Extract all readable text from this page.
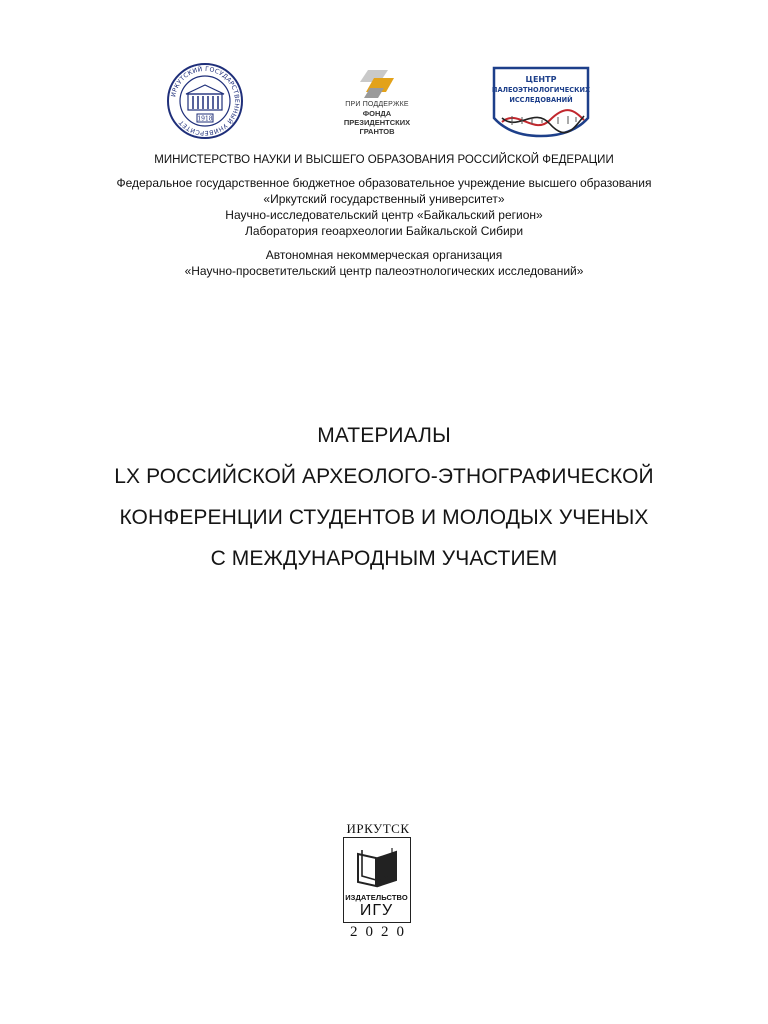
ИРКУТСКИЙ ГОСУДАРСТВЕННЫЙ УНИВЕРСИТЕТ	1918
ПРИ ПОДДЕРЖКЕ
ФОНДА
ПРЕЗИДЕНТСКИХ
ГРАНТОВ
ЦЕНТР
ПАЛЕОЭТНОЛОГИЧЕСКИХ
ИССЛЕДОВАНИЙ
МИНИСТЕРСТВО НАУКИ И ВЫСШЕГО ОБРАЗОВАНИЯ РОССИЙСКОЙ ФЕДЕРАЦИИ
Федеральное государственное бюджетное образовательное учреждение высшего образования
«Иркутский государственный университет»
Научно-исследовательский центр «Байкальский регион»
Лаборатория геоархеологии Байкальской Сибири
Автономная некоммерческая организация
«Научно-просветительский центр палеоэтнологических исследований»
МАТЕРИАЛЫ
LX РОССИЙСКОЙ АРХЕОЛОГО-ЭТНОГРАФИЧЕСКОЙ
КОНФЕРЕНЦИИ СТУДЕНТОВ И МОЛОДЫХ УЧЕНЫХ
С МЕЖДУНАРОДНЫМ УЧАСТИЕМ
ИРКУТСК
ИЗДАТЕЛЬСТВО
ИГУ
2020
